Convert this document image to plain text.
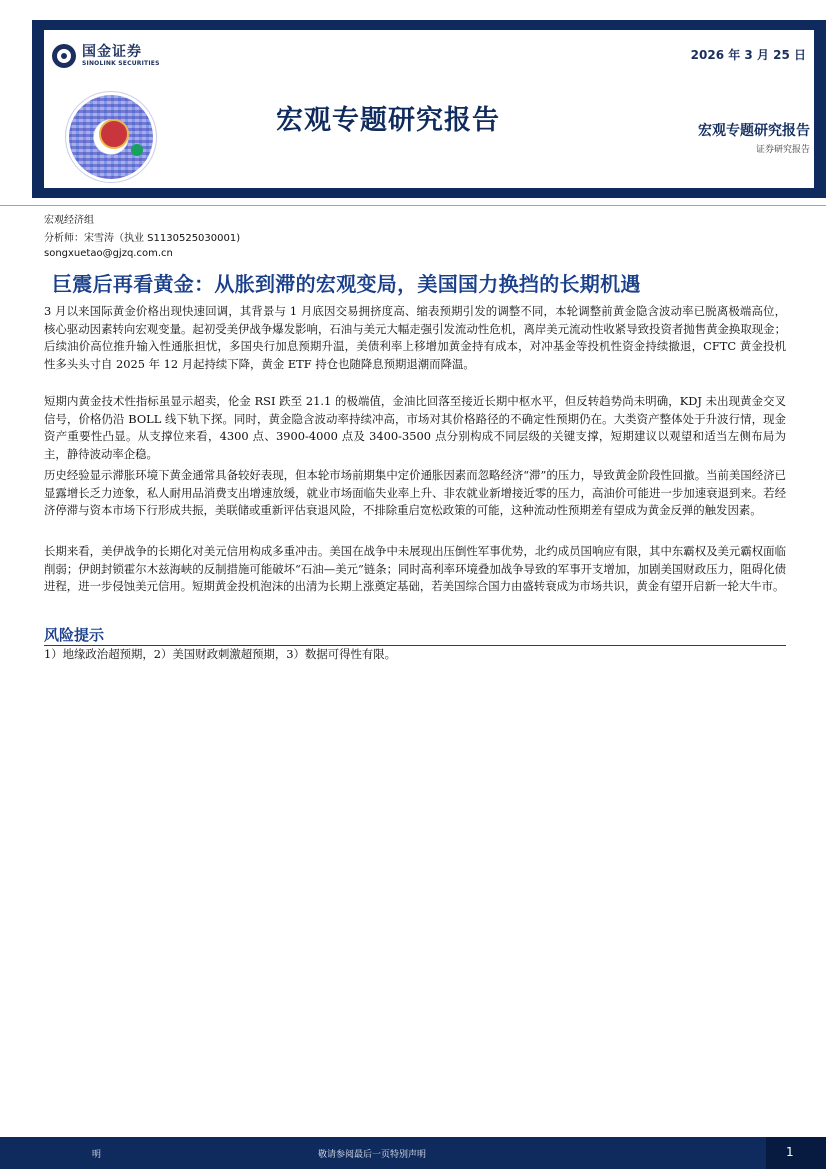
国金证券
SINOLINK SECURITIES
宏观专题研究报告
2026 年 3 月 25 日
宏观专题研究报告
证券研究报告
宏观经济组
分析师：宋雪涛（执业 S1130525030001)
songxuetao@gjzq.com.cn
巨震后再看黄金：从胀到滞的宏观变局，美国国力换挡的长期机遇

3 月以来国际黄金价格出现快速回调，其背景与 1 月底因交易拥挤度高、缩表预期引发的调整不同，本轮调整前黄金隐含波动率已脱离极端高位，核心驱动因素转向宏观变量。起初受美伊战争爆发影响，石油与美元大幅走强引发流动性危机，离岸美元流动性收紧导致投资者抛售黄金换取现金；后续油价高位推升输入性通胀担忧，多国央行加息预期升温，美债利率上移增加黄金持有成本，对冲基金等投机性资金持续撤退，CFTC 黄金投机性多头头寸自 2025 年 12 月起持续下降，黄金 ETF 持仓也随降息预期退潮而降温。

短期内黄金技术性指标虽显示超卖，伦金 RSI 跌至 21.1 的极端值，金油比回落至接近长期中枢水平，但反转趋势尚未明确，KDJ 未出现黄金交叉信号，价格仍沿 BOLL 线下轨下探。同时，黄金隐含波动率持续冲高，市场对其价格路径的不确定性预期仍在。大类资产整体处于升波行情，现金资产重要性凸显。从支撑位来看，4300 点、3900-4000 点及 3400-3500 点分别构成不同层级的关键支撑，短期建议以观望和适当左侧布局为主，静待波动率企稳。

历史经验显示滞胀环境下黄金通常具备较好表现，但本轮市场前期集中定价通胀因素而忽略经济“滞”的压力，导致黄金阶段性回撤。当前美国经济已显露增长乏力迹象，私人耐用品消费支出增速放缓，就业市场面临失业率上升、非农就业新增接近零的压力，高油价可能进一步加速衰退到来。若经济停滞与资本市场下行形成共振，美联储或重新评估衰退风险，不排除重启宽松政策的可能，这种流动性预期差有望成为黄金反弹的触发因素。

长期来看，美伊战争的长期化对美元信用构成多重冲击。美国在战争中未展现出压倒性军事优势，北约成员国响应有限，其中东霸权及美元霸权面临削弱；伊朗封锁霍尔木兹海峡的反制措施可能破坏“石油—美元”链条；同时高利率环境叠加战争导致的军事开支增加，加剧美国财政压力，阻碍化债进程，进一步侵蚀美元信用。短期黄金投机泡沫的出清为长期上涨奠定基础，若美国综合国力由盛转衰成为市场共识，黄金有望开启新一轮大牛市。

风险提示
1）地缘政治超预期，2）美国财政刺激超预期，3）数据可得性有限。
明	敬请参阅最后一页特别声明	1
